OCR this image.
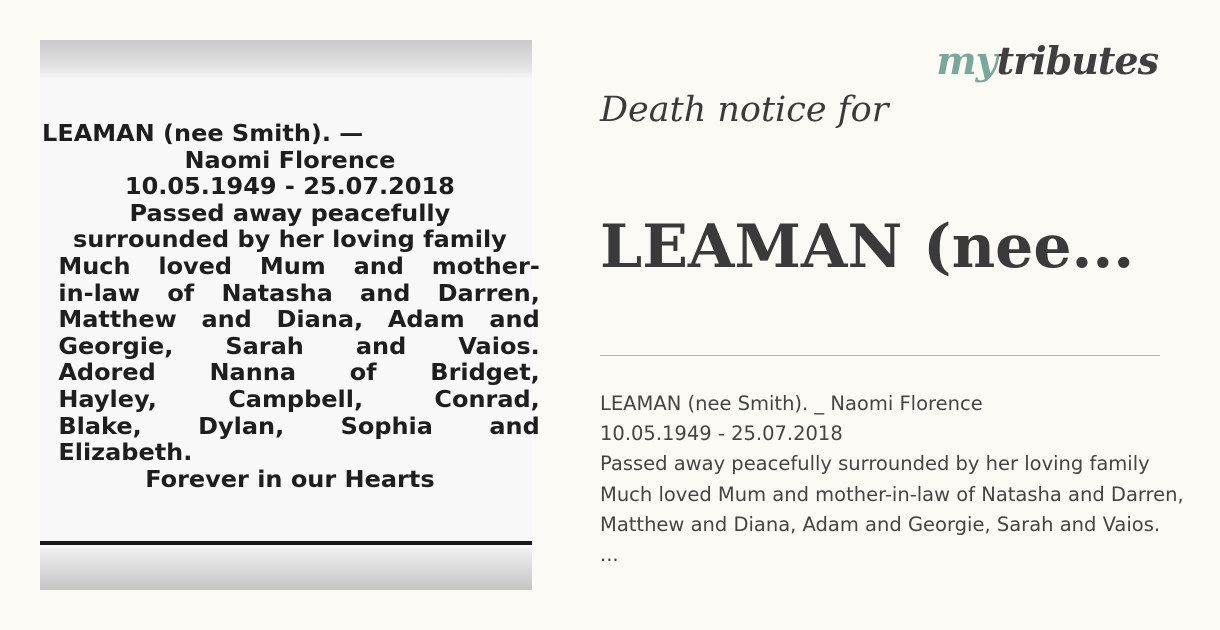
LEAMAN (nee Smith). —
Naomi Florence
10.05.1949 - 25.07.2018
Passed away peacefully
surrounded by her loving family
Much loved Mum and mother-
in-law of Natasha and Darren,
Matthew and Diana, Adam and
Georgie, Sarah and Vaios.
Adored Nanna of Bridget,
Hayley,	Campbell,	Conrad,
Blake, Dylan, Sophia and
Elizabeth.
Forever in our Hearts
mytributes
Death notice for
LEAMAN (nee...
LEAMAN (nee Smith). _ Naomi Florence
10.05.1949 - 25.07.2018
Passed away peacefully surrounded by her loving family
Much loved Mum and mother-in-law of Natasha and Darren,
Matthew and Diana, Adam and Georgie, Sarah and Vaios.
...
